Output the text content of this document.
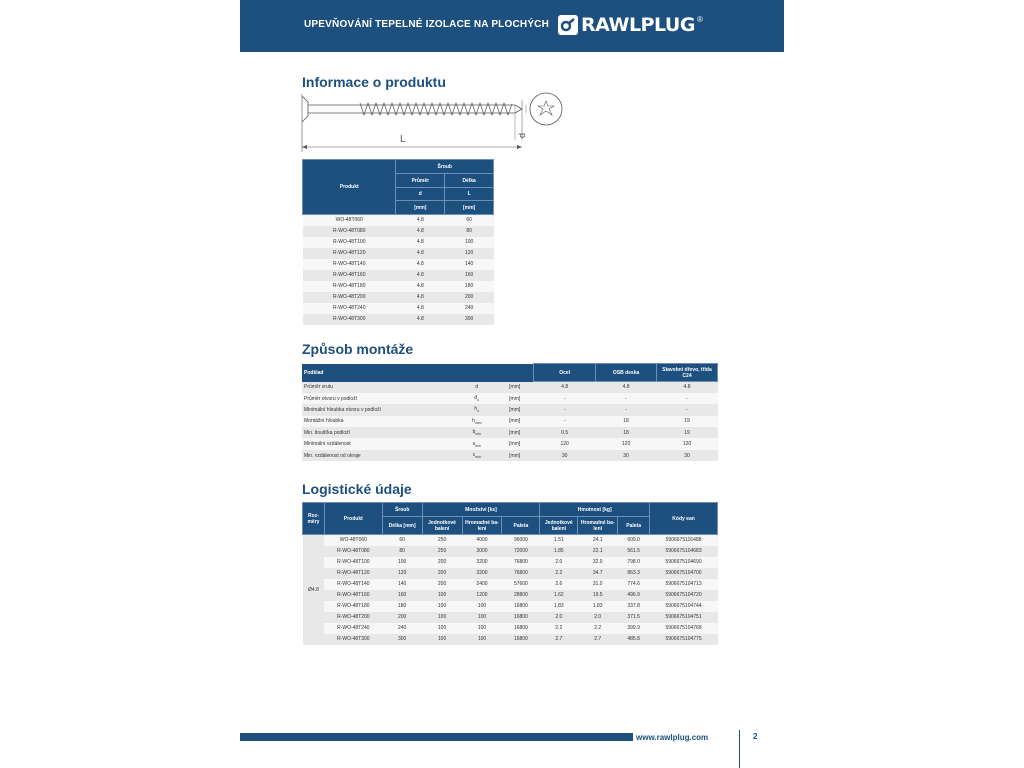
UPEVŇOVÁNÍ TEPELNÉ IZOLACE NA PLOCHÝCH RAWLPLUG ®
Informace o produktu
L	d
Produkt	Šroub	
	Průměr	Délka
	d	L
	[mm]	[mm]
WO-48T060	4.8	60
R-WO-48T080	4.8	80
R-WO-48T100	4.8	100
R-WO-48T120	4.8	120
R-WO-48T140	4.8	140
R-WO-48T160	4.8	160
R-WO-48T180	4.8	180
R-WO-48T200	4.8	200
R-WO-48T240	4.8	240
R-WO-48T300	4.8	300
Způsob montáže
Podklad			Ocel	OSB deska	Stavební dřevo, třída C24
Průměr vrutu	d	[mm]	4.8	4.8	4.8
Průměr otvoru v podloží	$d_o$	[mm]	-	-	-
Minimální hloubka otvoru v podloží	$h_o$	[mm]	-	-	-
Montážní hloubka	$h_{nom}$	[mm]	-	18	19
Min. tloušťka podloží	$b_{min}$	[mm]	0.5	18	19
Minimální vzdálenost	$s_{min}$	[mm]	120	120	120
Min. vzdálenost od okraje	$c_{min}$	[mm]	30	30	30
Logistické údaje
Roz-
měry	Produkt	Šroub	Množství [ks]			Hmotnost [kg]			Kódy ean
		Délka [mm]	Jednotkové balení	Hromadné ba-leni	Paleta	Jednotkové balení	Hromadné ba-leni	Paleta	
Ø4.8	WO-48T060	60	250	4000	96000	1.51	24.1	609.0	5906675116488
	R-WO-48T080	80	250	3000	72000	1.85	22.1	561.5	5906675104683
	R-WO-48T100	100	200	3200	76800	2.0	32.0	798.0	5906675104690
	R-WO-48T120	120	200	3200	76800	2.2	34.7	863.3	5906675104706
	R-WO-48T140	140	200	2400	57600	2.6	31.0	774.6	5906675104713
	R-WO-48T160	160	100	1200	28800	1.62	19.5	496.9	5906675104720
	R-WO-48T180	180	100	100	16800	1.83	1.83	337.8	5906675104744
	R-WO-48T200	200	100	100	16800	2.0	2.0	371.5	5906675104751
	R-WO-48T240	240	100	100	16800	2.2	2.2	399.9	5906675104768
	R-WO-48T300	300	100	100	16800	2.7	2.7	485.8	5906675104775
www.rawlplug.com	2
